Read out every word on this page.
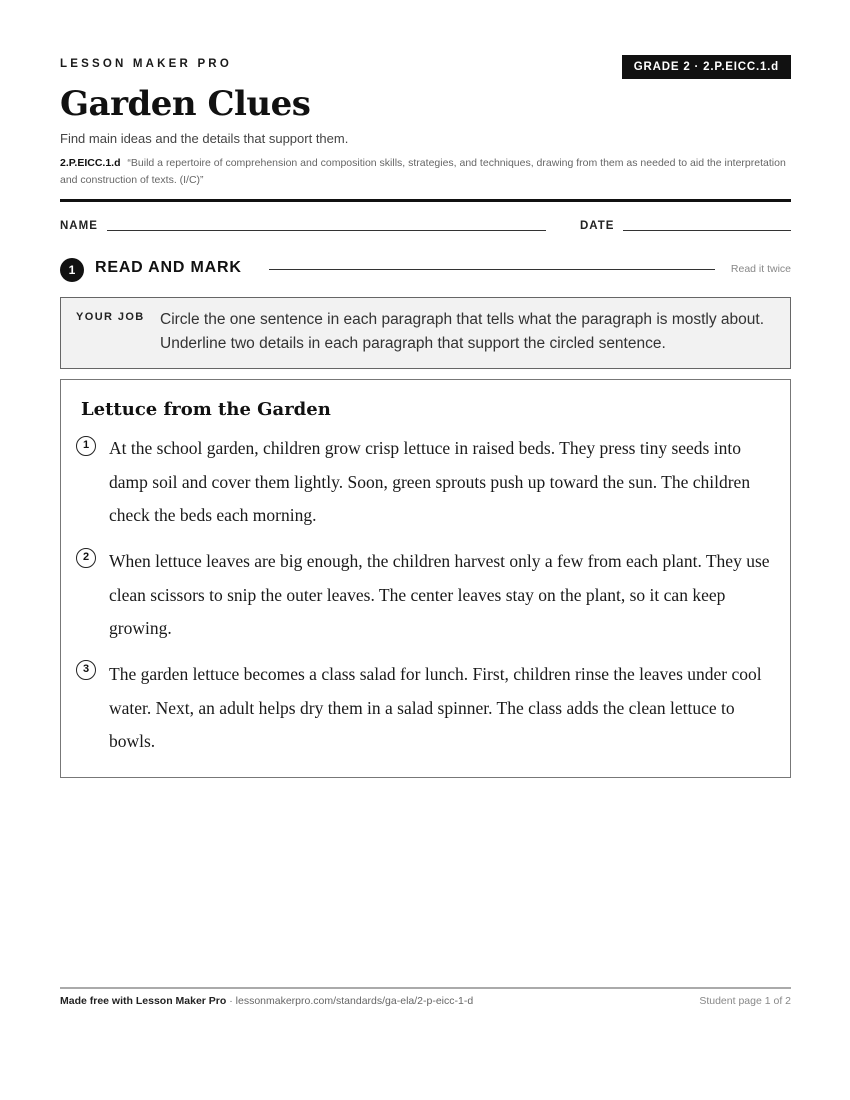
LESSON MAKER PRO	GRADE 2 · 2.P.EICC.1.d
Garden Clues
Find main ideas and the details that support them.
2.P.EICC.1.d “Build a repertoire of comprehension and composition skills, strategies, and techniques, drawing from them as needed to aid the interpretation and construction of texts. (I/C)”
NAME	DATE
1	READ AND MARK	Read it twice
YOUR JOB Circle the one sentence in each paragraph that tells what the paragraph is mostly about. Underline two details in each paragraph that support the circled sentence.
Lettuce from the Garden
1	At the school garden, children grow crisp lettuce in raised beds. They press tiny seeds into damp soil and cover them lightly. Soon, green sprouts push up toward the sun. The children check the beds each morning.
2	When lettuce leaves are big enough, the children harvest only a few from each plant. They use clean scissors to snip the outer leaves. The center leaves stay on the plant, so it can keep growing.
3	The garden lettuce becomes a class salad for lunch. First, children rinse the leaves under cool water. Next, an adult helps dry them in a salad spinner. The class adds the clean lettuce to bowls.
Made free with Lesson Maker Pro · lessonmakerpro.com/standards/ga-ela/2-p-eicc-1-d	Student page 1 of 2
